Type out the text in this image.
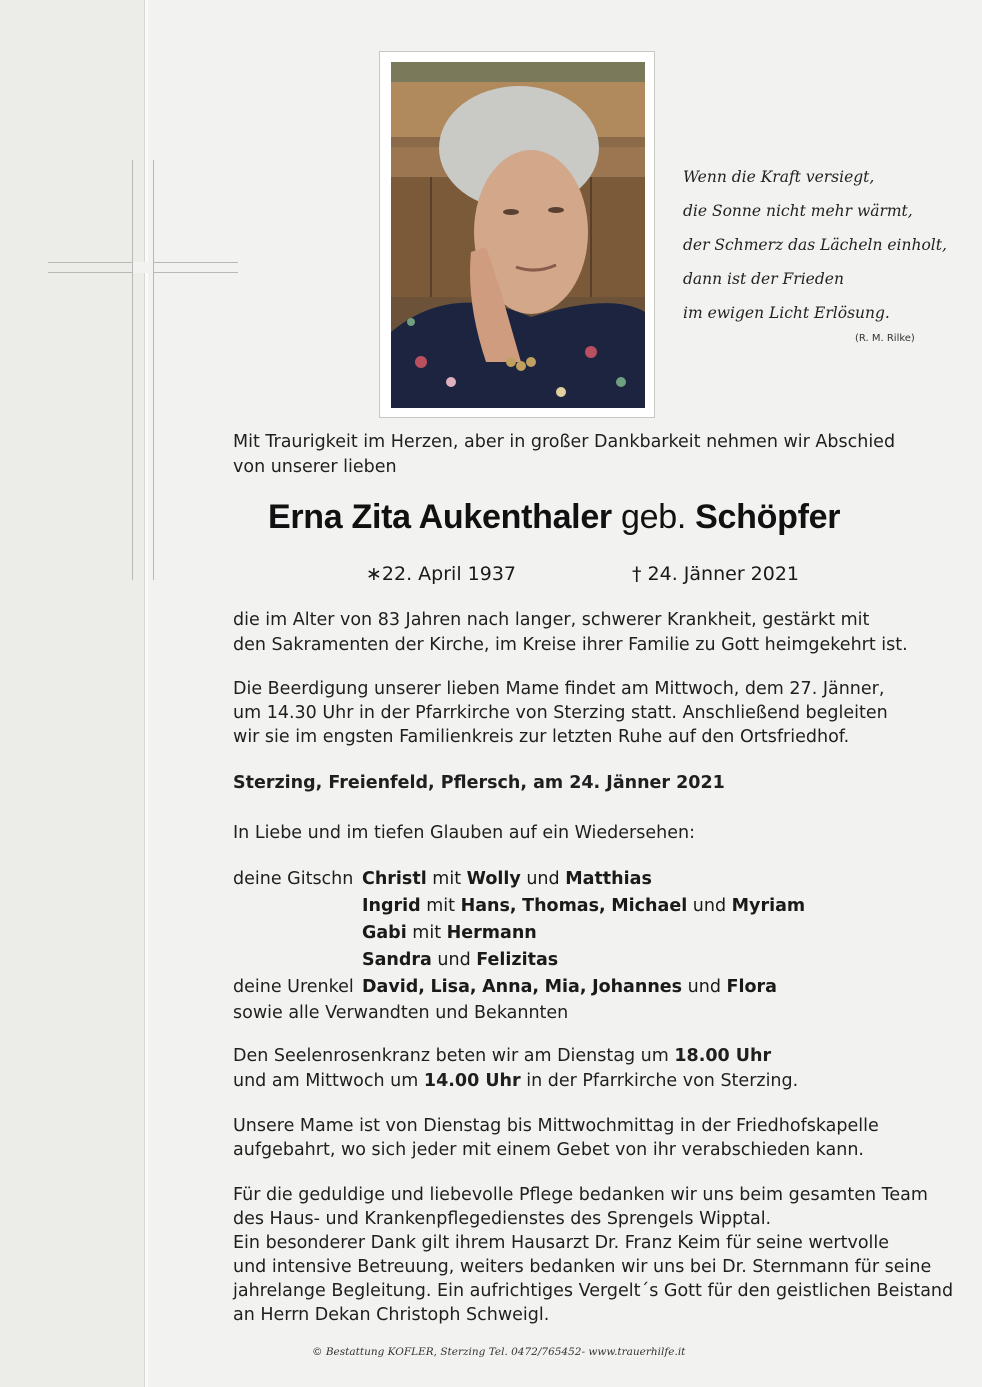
Wenn die Kraft versiegt,
die Sonne nicht mehr wärmt,
der Schmerz das Lächeln einholt,
dann ist der Frieden
im ewigen Licht Erlösung.
(R. M. Rilke)
Mit Traurigkeit im Herzen, aber in großer Dankbarkeit nehmen wir Abschied
von unserer lieben
Erna Zita Aukenthaler geb. Schöpfer
∗22. April 1937	† 24. Jänner 2021
die im Alter von 83 Jahren nach langer, schwerer Krankheit, gestärkt mit
den Sakramenten der Kirche, im Kreise ihrer Familie zu Gott heimgekehrt ist.
Die Beerdigung unserer lieben Mame findet am Mittwoch, dem 27. Jänner,
um 14.30 Uhr in der Pfarrkirche von Sterzing statt. Anschließend begleiten
wir sie im engsten Familienkreis zur letzten Ruhe auf den Ortsfriedhof.
Sterzing, Freienfeld, Pflersch, am 24. Jänner 2021
In Liebe und im tiefen Glauben auf ein Wiedersehen:
deine Gitschn Christl mit Wolly und Matthias
Ingrid mit Hans, Thomas, Michael und Myriam
Gabi mit Hermann
Sandra und Felizitas
deine Urenkel David, Lisa, Anna, Mia, Johannes und Flora
sowie alle Verwandten und Bekannten
Den Seelenrosenkranz beten wir am Dienstag um 18.00 Uhr
und am Mittwoch um 14.00 Uhr in der Pfarrkirche von Sterzing.
Unsere Mame ist von Dienstag bis Mittwochmittag in der Friedhofskapelle
aufgebahrt, wo sich jeder mit einem Gebet von ihr verabschieden kann.
Für die geduldige und liebevolle Pflege bedanken wir uns beim gesamten Team
des Haus- und Krankenpflegedienstes des Sprengels Wipptal.
Ein besonderer Dank gilt ihrem Hausarzt Dr. Franz Keim für seine wertvolle
und intensive Betreuung, weiters bedanken wir uns bei Dr. Sternmann für seine
jahrelange Begleitung. Ein aufrichtiges Vergelt´s Gott für den geistlichen Beistand
an Herrn Dekan Christoph Schweigl.
© Bestattung KOFLER, Sterzing Tel. 0472/765452- www.trauerhilfe.it
